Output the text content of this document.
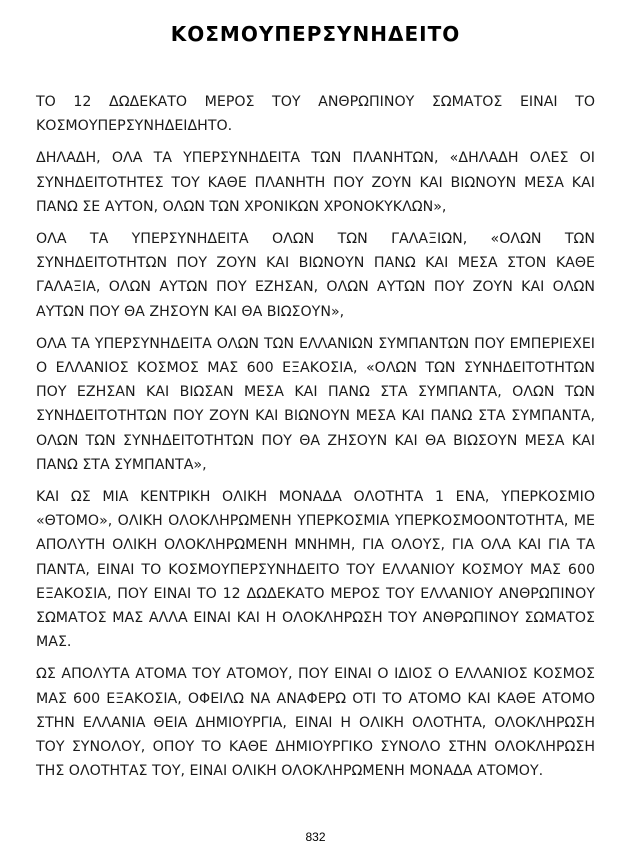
ΚΟΣΜΟΥΠΕΡΣΥΝΗΔΕΙΤΟ

ΤΟ 12 ΔΩΔΕΚΑΤΟ ΜΕΡΟΣ ΤΟΥ ΑΝΘΡΩΠΙΝΟΥ ΣΩΜΑΤΟΣ ΕΙΝΑΙ ΤΟ ΚΟΣΜΟΥΠΕΡΣΥΝΗΔΕΙΔΗΤΟ.

ΔΗΛΑΔΗ, ΟΛΑ ΤΑ ΥΠΕΡΣΥΝΗΔΕΙΤΑ ΤΩΝ ΠΛΑΝΗΤΩΝ, «ΔΗΛΑΔΗ ΟΛΕΣ ΟΙ ΣΥΝΗΔΕΙΤΟΤΗΤΕΣ ΤΟΥ ΚΑΘΕ ΠΛΑΝΗΤΗ ΠΟΥ ΖΟΥΝ ΚΑΙ ΒΙΩΝΟΥΝ ΜΕΣΑ ΚΑΙ ΠΑΝΩ ΣΕ ΑΥΤΟΝ, ΟΛΩΝ ΤΩΝ ΧΡΟΝΙΚΩΝ ΧΡΟΝΟΚΥΚΛΩΝ»,

ΟΛΑ ΤΑ ΥΠΕΡΣΥΝΗΔΕΙΤΑ ΟΛΩΝ ΤΩΝ ΓΑΛΑΞΙΩΝ, «ΟΛΩΝ ΤΩΝ ΣΥΝΗΔΕΙΤΟΤΗΤΩΝ ΠΟΥ ΖΟΥΝ ΚΑΙ ΒΙΩΝΟΥΝ ΠΑΝΩ ΚΑΙ ΜΕΣΑ ΣΤΟΝ ΚΑΘΕ ΓΑΛΑΞΙΑ, ΟΛΩΝ ΑΥΤΩΝ ΠΟΥ ΕΖΗΣΑΝ, ΟΛΩΝ ΑΥΤΩΝ ΠΟΥ ΖΟΥΝ ΚΑΙ ΟΛΩΝ ΑΥΤΩΝ ΠΟΥ ΘΑ ΖΗΣΟΥΝ ΚΑΙ ΘΑ ΒΙΩΣΟΥΝ»,

ΟΛΑ ΤΑ ΥΠΕΡΣΥΝΗΔΕΙΤΑ ΟΛΩΝ ΤΩΝ ΕΛΛΑΝΙΩΝ ΣΥΜΠΑΝΤΩΝ ΠΟΥ ΕΜΠΕΡΙΕΧΕΙ Ο ΕΛΛΑΝΙΟΣ ΚΟΣΜΟΣ ΜΑΣ 600 ΕΞΑΚΟΣΙΑ, «ΟΛΩΝ ΤΩΝ ΣΥΝΗΔΕΙΤΟΤΗΤΩΝ ΠΟΥ ΕΖΗΣΑΝ ΚΑΙ ΒΙΩΣΑΝ ΜΕΣΑ ΚΑΙ ΠΑΝΩ ΣΤΑ ΣΥΜΠΑΝΤΑ, ΟΛΩΝ ΤΩΝ ΣΥΝΗΔΕΙΤΟΤΗΤΩΝ ΠΟΥ ΖΟΥΝ ΚΑΙ ΒΙΩΝΟΥΝ ΜΕΣΑ ΚΑΙ ΠΑΝΩ ΣΤΑ ΣΥΜΠΑΝΤΑ, ΟΛΩΝ ΤΩΝ ΣΥΝΗΔΕΙΤΟΤΗΤΩΝ ΠΟΥ ΘΑ ΖΗΣΟΥΝ ΚΑΙ ΘΑ ΒΙΩΣΟΥΝ ΜΕΣΑ ΚΑΙ ΠΑΝΩ ΣΤΑ ΣΥΜΠΑΝΤΑ»,

ΚΑΙ ΩΣ ΜΙΑ ΚΕΝΤΡΙΚΗ ΟΛΙΚΗ ΜΟΝΑΔΑ ΟΛΟΤΗΤΑ 1 ΕΝΑ, ΥΠΕΡΚΟΣΜΙΟ «ΘΤΟΜΟ», ΟΛΙΚΗ ΟΛΟΚΛΗΡΩΜΕΝΗ ΥΠΕΡΚΟΣΜΙΑ ΥΠΕΡΚΟΣΜΟΟΝΤΟΤΗΤΑ, ΜΕ ΑΠΟΛΥΤΗ ΟΛΙΚΗ ΟΛΟΚΛΗΡΩΜΕΝΗ ΜΝΗΜΗ, ΓΙΑ ΟΛΟΥΣ, ΓΙΑ ΟΛΑ ΚΑΙ ΓΙΑ ΤΑ ΠΑΝΤΑ, ΕΙΝΑΙ ΤΟ ΚΟΣΜΟΥΠΕΡΣΥΝΗΔΕΙΤΟ ΤΟΥ ΕΛΛΑΝΙΟΥ ΚΟΣΜΟΥ ΜΑΣ 600 ΕΞΑΚΟΣΙΑ, ΠΟΥ ΕΙΝΑΙ ΤΟ 12 ΔΩΔΕΚΑΤΟ ΜΕΡΟΣ ΤΟΥ ΕΛΛΑΝΙΟΥ ΑΝΘΡΩΠΙΝΟΥ ΣΩΜΑΤΟΣ ΜΑΣ ΑΛΛΑ ΕΙΝΑΙ ΚΑΙ Η ΟΛΟΚΛΗΡΩΣΗ ΤΟΥ ΑΝΘΡΩΠΙΝΟΥ ΣΩΜΑΤΟΣ ΜΑΣ.

ΩΣ ΑΠΟΛΥΤΑ ΑΤΟΜΑ ΤΟΥ ΑΤΟΜΟΥ, ΠΟΥ ΕΙΝΑΙ Ο ΙΔΙΟΣ Ο ΕΛΛΑΝΙΟΣ ΚΟΣΜΟΣ ΜΑΣ 600 ΕΞΑΚΟΣΙΑ, ΟΦΕΙΛΩ ΝΑ ΑΝΑΦΕΡΩ ΟΤΙ ΤΟ ΑΤΟΜΟ ΚΑΙ ΚΑΘΕ ΑΤΟΜΟ ΣΤΗΝ ΕΛΛΑΝΙΑ ΘΕΙΑ ΔΗΜΙΟΥΡΓΙΑ, ΕΙΝΑΙ Η ΟΛΙΚΗ ΟΛΟΤΗΤΑ, ΟΛΟΚΛΗΡΩΣΗ ΤΟΥ ΣΥΝΟΛΟΥ, ΟΠΟΥ ΤΟ ΚΑΘΕ ΔΗΜΙΟΥΡΓΙΚΟ ΣΥΝΟΛΟ ΣΤΗΝ ΟΛΟΚΛΗΡΩΣΗ ΤΗΣ ΟΛΟΤΗΤΑΣ ΤΟΥ, ΕΙΝΑΙ ΟΛΙΚΗ ΟΛΟΚΛΗΡΩΜΕΝΗ ΜΟΝΑΔΑ ΑΤΟΜΟΥ.

832
